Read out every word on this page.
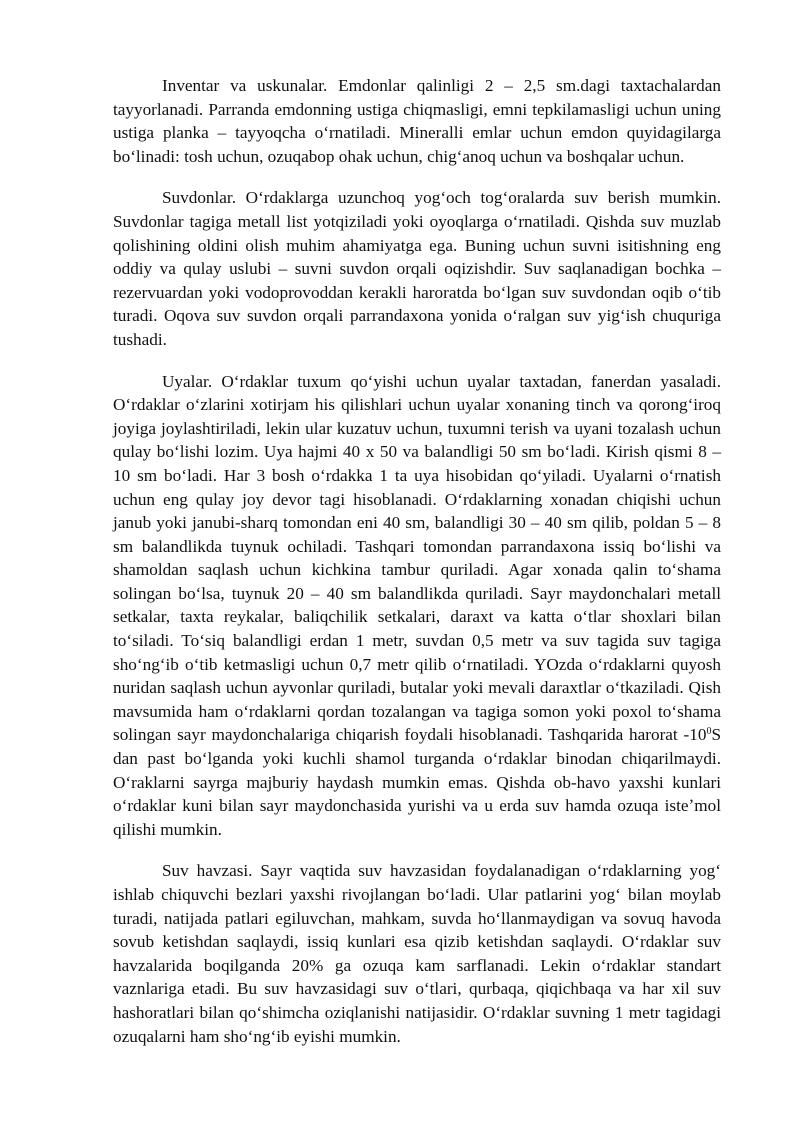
Inventar va uskunalar. Emdonlar qalinligi 2 – 2,5 sm.dagi taxtachalardan tayyorlanadi. Parranda emdonning ustiga chiqmasligi, emni tepkilamasligi uchun uning ustiga planka – tayyoqcha oʻrnatiladi. Mineralli emlar uchun emdon quyidagilarga boʻlinadi: tosh uchun, ozuqabop ohak uchun, chigʻanoq uchun va boshqalar uchun.

Suvdonlar. Oʻrdaklarga uzunchoq yogʻoch togʻoralarda suv berish mumkin. Suvdonlar tagiga metall list yotqiziladi yoki oyoqlarga oʻrnatiladi. Qishda suv muzlab qolishining oldini olish muhim ahamiyatga ega. Buning uchun suvni isitishning eng oddiy va qulay uslubi – suvni suvdon orqali oqizishdir. Suv saqlanadigan bochka – rezervuardan yoki vodoprovoddan kerakli haroratda boʻlgan suv suvdondan oqib oʻtib turadi. Oqova suv suvdon orqali parrandaxona yonida oʻralgan suv yigʻish chuquriga tushadi.

Uyalar. Oʻrdaklar tuxum qoʻyishi uchun uyalar taxtadan, fanerdan yasaladi. Oʻrdaklar oʻzlarini xotirjam his qilishlari uchun uyalar xonaning tinch va qorongʻiroq joyiga joylashtiriladi, lekin ular kuzatuv uchun, tuxumni terish va uyani tozalash uchun qulay boʻlishi lozim. Uya hajmi 40 x 50 va balandligi 50 sm boʻladi. Kirish qismi 8 – 10 sm boʻladi. Har 3 bosh oʻrdakka 1 ta uya hisobidan qoʻyiladi. Uyalarni oʻrnatish uchun eng qulay joy devor tagi hisoblanadi. Oʻrdaklarning xonadan chiqishi uchun janub yoki janubi-sharq tomondan eni 40 sm, balandligi 30 – 40 sm qilib, poldan 5 – 8 sm balandlikda tuynuk ochiladi. Tashqari tomondan parrandaxona issiq boʻlishi va shamoldan saqlash uchun kichkina tambur quriladi. Agar xonada qalin toʻshama solingan boʻlsa, tuynuk 20 – 40 sm balandlikda quriladi. Sayr maydonchalari metall setkalar, taxta reykalar, baliqchilik setkalari, daraxt va katta oʻtlar shoxlari bilan toʻsiladi. Toʻsiq balandligi erdan 1 metr, suvdan 0,5 metr va suv tagida suv tagiga shoʻngʻib oʻtib ketmasligi uchun 0,7 metr qilib oʻrnatiladi. YOzda oʻrdaklarni quyosh nuridan saqlash uchun ayvonlar quriladi, butalar yoki mevali daraxtlar oʻtkaziladi. Qish mavsumida ham oʻrdaklarni qordan tozalangan va tagiga somon yoki poxol toʻshama solingan sayr maydonchalariga chiqarish foydali hisoblanadi. Tashqarida harorat $-10^0S$ dan past boʻlganda yoki kuchli shamol turganda oʻrdaklar binodan chiqarilmaydi. Oʻraklarni sayrga majburiy haydash mumkin emas. Qishda ob-havo yaxshi kunlari oʻrdaklar kuni bilan sayr maydonchasida yurishi va u erda suv hamda ozuqa isteʼmol qilishi mumkin.

Suv havzasi. Sayr vaqtida suv havzasidan foydalanadigan oʻrdaklarning yogʻ ishlab chiquvchi bezlari yaxshi rivojlangan boʻladi. Ular patlarini yogʻ bilan moylab turadi, natijada patlari egiluvchan, mahkam, suvda hoʻllanmaydigan va sovuq havoda sovub ketishdan saqlaydi, issiq kunlari esa qizib ketishdan saqlaydi. Oʻrdaklar suv havzalarida boqilganda 20% ga ozuqa kam sarflanadi. Lekin oʻrdaklar standart vaznlariga etadi. Bu suv havzasidagi suv oʻtlari, qurbaqa, qiqichbaqa va har xil suv hashoratlari bilan qoʻshimcha oziqlanishi natijasidir. Oʻrdaklar suvning 1 metr tagidagi ozuqalarni ham shoʻngʻib eyishi mumkin.
